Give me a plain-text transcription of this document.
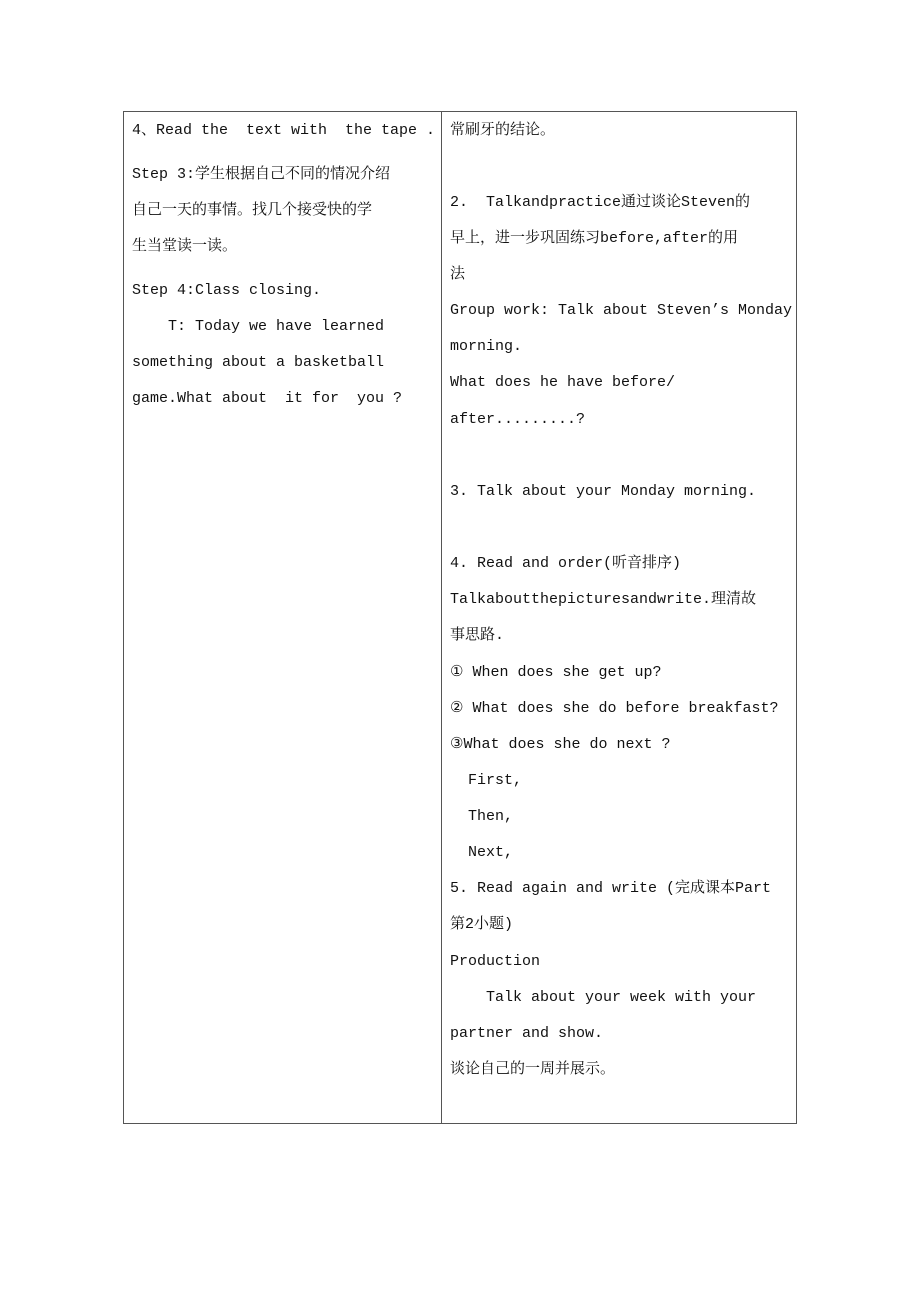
4、Read the  text with  the tape .
Step 3:学生根据自己不同的情况介绍
自己一天的事情。找几个接受快的学
生当堂读一读。
Step 4:Class closing.
T: Today we have learned
something about a basketball
game.What about  it for  you ?
常刷牙的结论。
2.  Talkandpractice通过谈论Steven的
早上，进一步巩固练习before,after的用
法
Group work: Talk about Steven’s Monday
morning.
What does he have before/
after.........?
3. Talk about your Monday morning.
4. Read and order(听音排序)
Talkaboutthepicturesandwrite.理清故
事思路.
① When does she get up?
② What does she do before breakfast?
③What does she do next ?
First,
Then,
Next,
5. Read again and write (完成课本Part
第2小题)
Production
Talk about your week with your
partner and show.
谈论自己的一周并展示。
